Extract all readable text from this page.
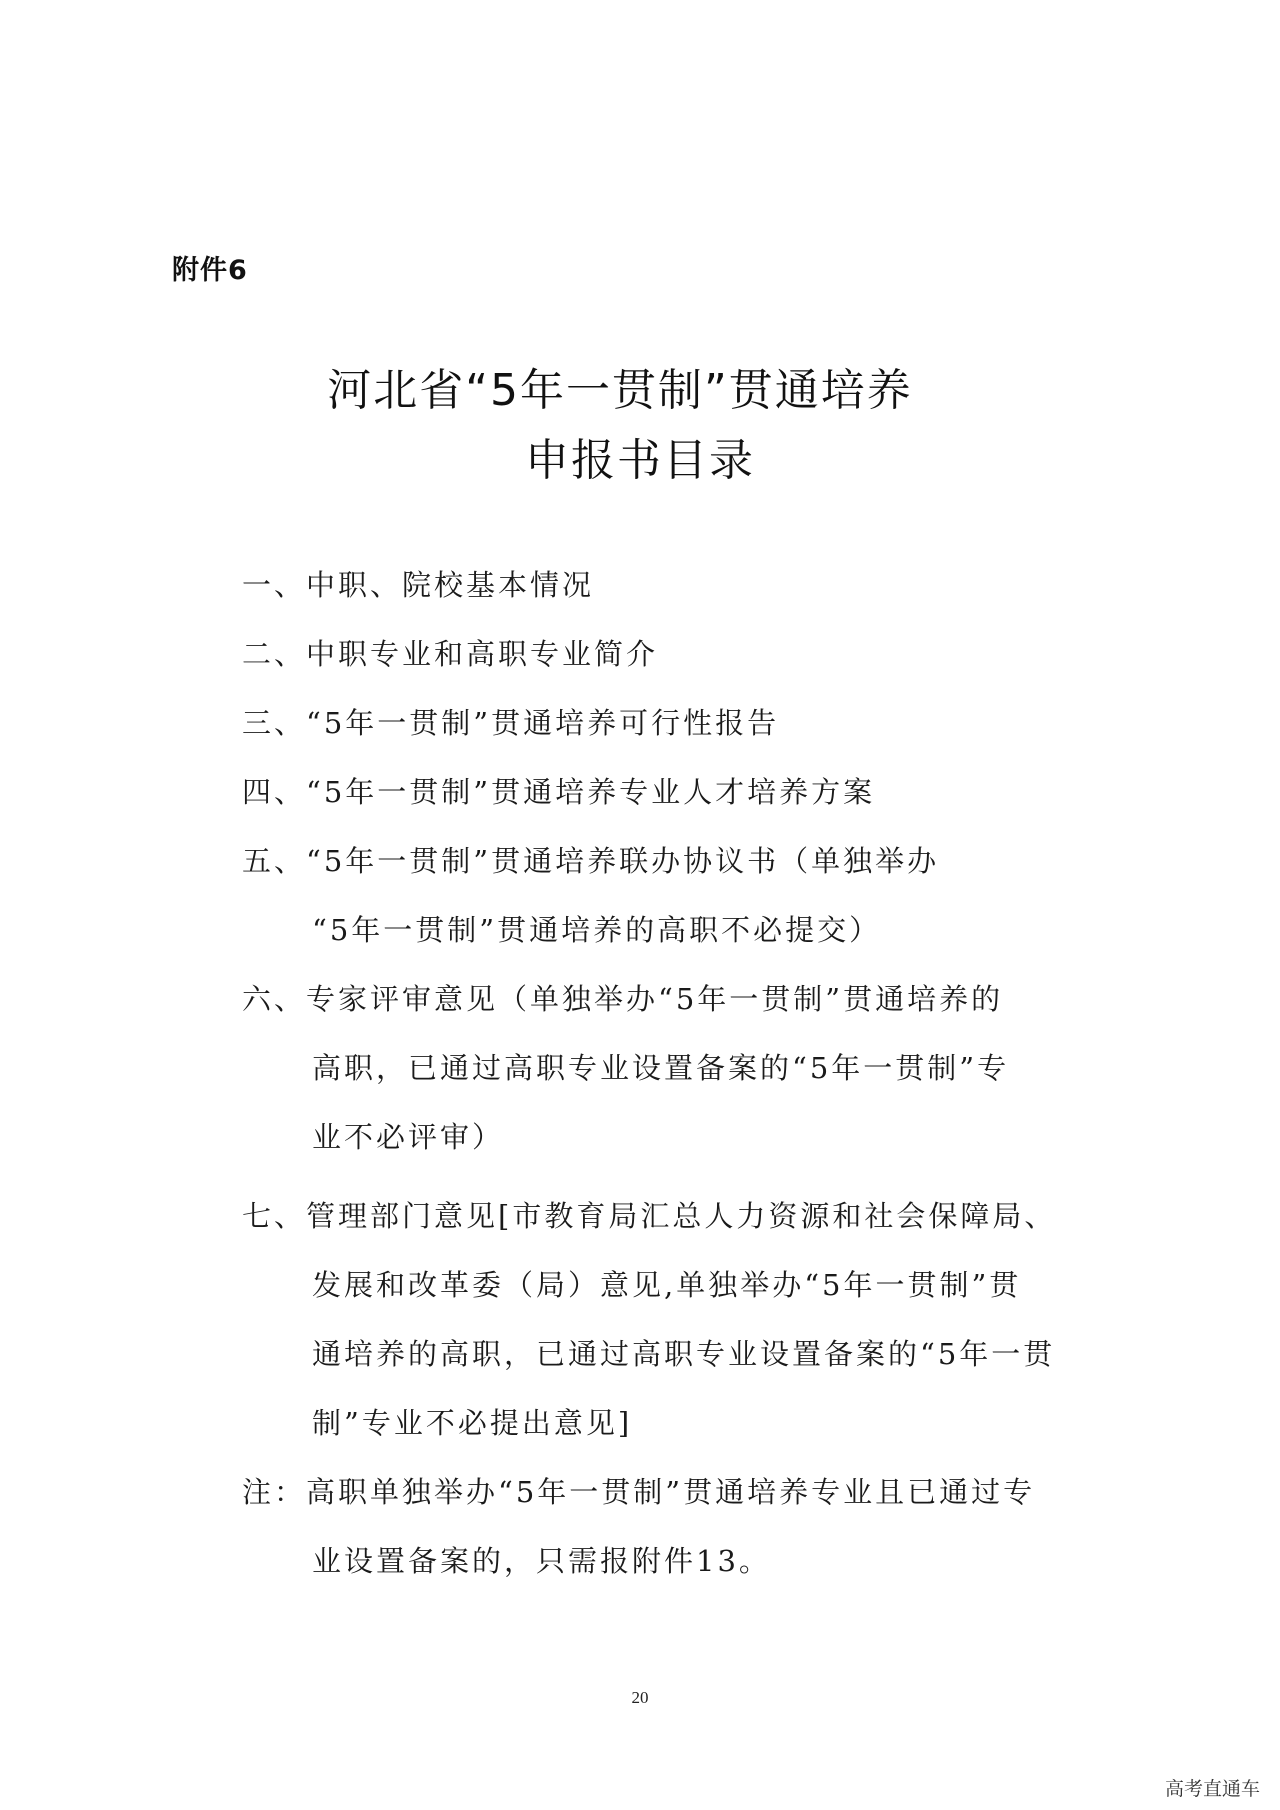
附件6
河北省“5年一贯制”贯通培养
申报书目录
一、中职、院校基本情况
二、中职专业和高职专业简介
三、“5年一贯制”贯通培养可行性报告
四、“5年一贯制”贯通培养专业人才培养方案
五、“5年一贯制”贯通培养联办协议书（单独举办
“5年一贯制”贯通培养的高职不必提交）
六、专家评审意见（单独举办“5年一贯制”贯通培养的
高职，已通过高职专业设置备案的“5年一贯制”专
业不必评审）
七、管理部门意见[市教育局汇总人力资源和社会保障局、
发展和改革委（局）意见,单独举办“5年一贯制”贯
通培养的高职，已通过高职专业设置备案的“5年一贯
制”专业不必提出意见]
注：高职单独举办“5年一贯制”贯通培养专业且已通过专
业设置备案的，只需报附件13。
20
高考直通车
